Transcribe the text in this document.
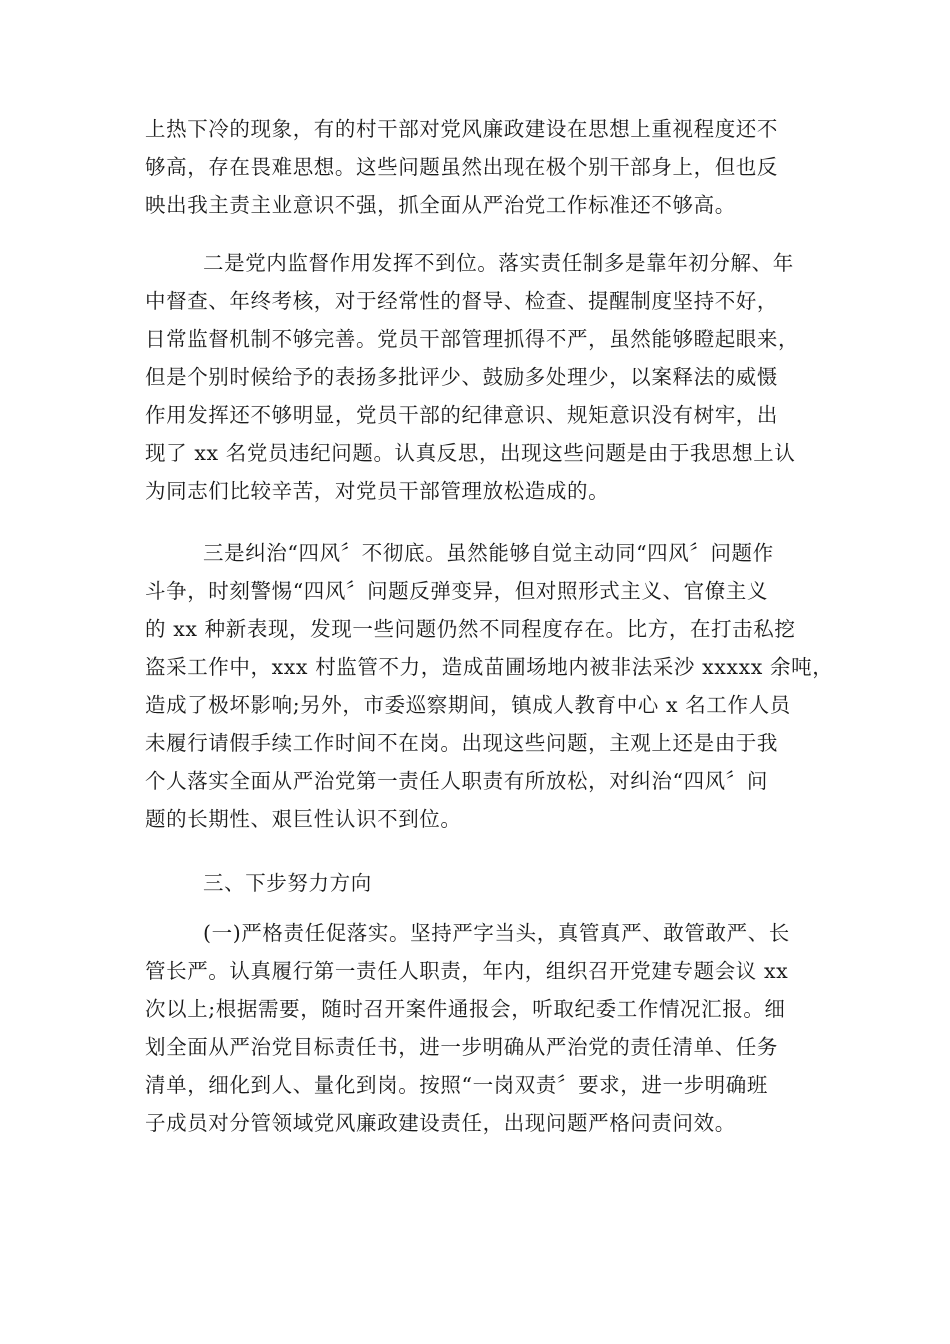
上热下冷的现象，有的村干部对党风廉政建设在思想上重视程度还不
够高，存在畏难思想。这些问题虽然出现在极个别干部身上，但也反
映出我主责主业意识不强，抓全面从严治党工作标准还不够高。
二是党内监督作用发挥不到位。落实责任制多是靠年初分解、年
中督查、年终考核，对于经常性的督导、检查、提醒制度坚持不好，
日常监督机制不够完善。党员干部管理抓得不严，虽然能够瞪起眼来，
但是个别时候给予的表扬多批评少、鼓励多处理少，以案释法的威慑
作用发挥还不够明显，党员干部的纪律意识、规矩意识没有树牢，出
现了 xx 名党员违纪问题。认真反思，出现这些问题是由于我思想上认
为同志们比较辛苦，对党员干部管理放松造成的。
三是纠治“四风〞不彻底。虽然能够自觉主动同“四风〞问题作
斗争，时刻警惕“四风〞问题反弹变异，但对照形式主义、官僚主义
的 xx 种新表现，发现一些问题仍然不同程度存在。比方，在打击私挖
盗采工作中，xxx 村监管不力，造成苗圃场地内被非法采沙 xxxxx 余吨，
造成了极坏影响;另外，市委巡察期间，镇成人教育中心 x 名工作人员
未履行请假手续工作时间不在岗。出现这些问题，主观上还是由于我
个人落实全面从严治党第一责任人职责有所放松，对纠治“四风〞问
题的长期性、艰巨性认识不到位。
三、下步努力方向
(一)严格责任促落实。坚持严字当头，真管真严、敢管敢严、长
管长严。认真履行第一责任人职责，年内，组织召开党建专题会议 xx
次以上;根据需要，随时召开案件通报会，听取纪委工作情况汇报。细
划全面从严治党目标责任书，进一步明确从严治党的责任清单、任务
清单，细化到人、量化到岗。按照“一岗双责〞要求，进一步明确班
子成员对分管领域党风廉政建设责任，出现问题严格问责问效。
